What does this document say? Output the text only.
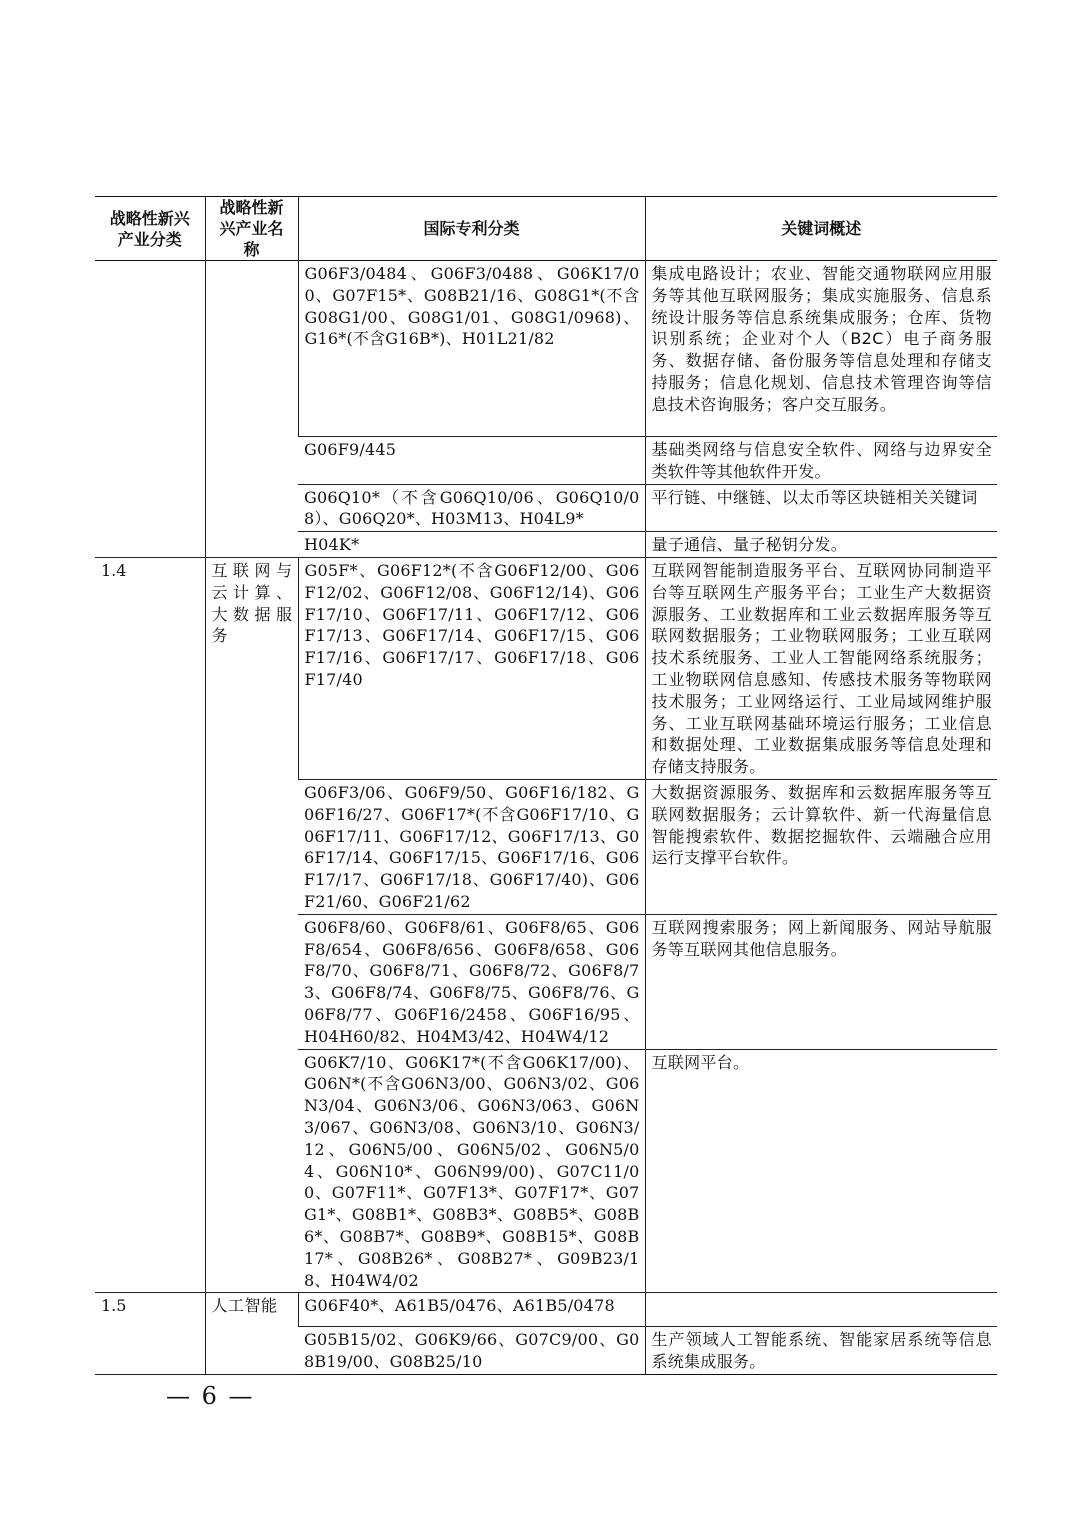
战略性新兴产业分类	战略性新兴产业名称	国际专利分类	关键词概述
		G06F3/0484、G06F3/0488、G06K17/00、G07F15*、G08B21/16、G08G1*(不含G08G1/00、G08G1/01、G08G1/0968)、G16*(不含G16B*)、H01L21/82	集成电路设计；农业、智能交通物联网应用服务等其他互联网服务；集成实施服务、信息系统设计服务等信息系统集成服务；仓库、货物识别系统；企业对个人（B2C）电子商务服务、数据存储、备份服务等信息处理和存储支持服务；信息化规划、信息技术管理咨询等信息技术咨询服务；客户交互服务。
		G06F9/445	基础类网络与信息安全软件、网络与边界安全类软件等其他软件开发。
		G06Q10*（不含G06Q10/06、G06Q10/08）、G06Q20*、H03M13、H04L9*	平行链、中继链、以太币等区块链相关关键词
		H04K*	量子通信、量子秘钥分发。
1.4	互联网与云计算、大数据服务	G05F*、G06F12*(不含G06F12/00、G06F12/02、G06F12/08、G06F12/14)、G06F17/10、G06F17/11、G06F17/12、G06F17/13、G06F17/14、G06F17/15、G06F17/16、G06F17/17、G06F17/18、G06F17/40	互联网智能制造服务平台、互联网协同制造平台等互联网生产服务平台；工业生产大数据资源服务、工业数据库和工业云数据库服务等互联网数据服务；工业物联网服务；工业互联网技术系统服务、工业人工智能网络系统服务；工业物联网信息感知、传感技术服务等物联网技术服务；工业网络运行、工业局域网维护服务、工业互联网基础环境运行服务；工业信息和数据处理、工业数据集成服务等信息处理和存储支持服务。
		G06F3/06、G06F9/50、G06F16/182、G06F16/27、G06F17*(不含G06F17/10、G06F17/11、G06F17/12、G06F17/13、G06F17/14、G06F17/15、G06F17/16、G06F17/17、G06F17/18、G06F17/40)、G06F21/60、G06F21/62	大数据资源服务、数据库和云数据库服务等互联网数据服务；云计算软件、新一代海量信息智能搜索软件、数据挖掘软件、云端融合应用运行支撑平台软件。
		G06F8/60、G06F8/61、G06F8/65、G06F8/654、G06F8/656、G06F8/658、G06F8/70、G06F8/71、G06F8/72、G06F8/73、G06F8/74、G06F8/75、G06F8/76、G06F8/77、G06F16/2458、G06F16/95、H04H60/82、H04M3/42、H04W4/12	互联网搜索服务；网上新闻服务、网站导航服务等互联网其他信息服务。
		G06K7/10、G06K17*(不含G06K17/00)、G06N*(不含G06N3/00、G06N3/02、G06N3/04、G06N3/06、G06N3/063、G06N3/067、G06N3/08、G06N3/10、G06N3/12、G06N5/00、G06N5/02、G06N5/04、G06N10*、G06N99/00)、G07C11/00、G07F11*、G07F13*、G07F17*、G07G1*、G08B1*、G08B3*、G08B5*、G08B6*、G08B7*、G08B9*、G08B15*、G08B17*、G08B26*、G08B27*、G09B23/18、H04W4/02	互联网平台。
1.5	人工智能	G06F40*、A61B5/0476、A61B5/0478	
		G05B15/02、G06K9/66、G07C9/00、G08B19/00、G08B25/10	生产领域人工智能系统、智能家居系统等信息系统集成服务。
— 6 —
